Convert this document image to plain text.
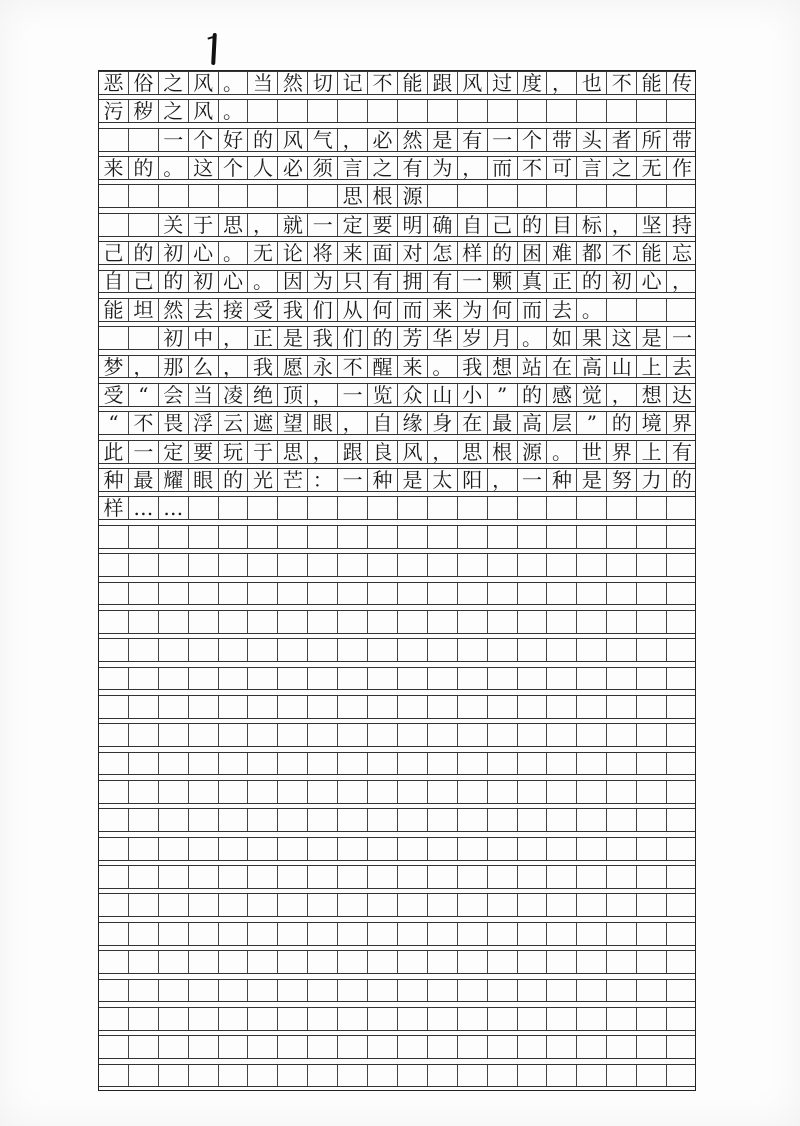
恶 俗 之 风 。 当 然 切 记 不 能 跟 风 过 度 ， 也 不 能 传
污 秽 之 风 。
一 个 好 的 风 气 ， 必 然 是 有 一 个 带 头 者 所 带
来 的 。 这 个 人 必 须 言 之 有 为 ， 而 不 可 言 之 无 作
思 根 源
关 于 思 ， 就 一 定 要 明 确 自 己 的 目 标 ， 坚 持
己 的 初 心 。 无 论 将 来 面 对 怎 样 的 困 难 都 不 能 忘
自 己 的 初 心 。 因 为 只 有 拥 有 一 颗 真 正 的 初 心 ，
能 坦 然 去 接 受 我 们 从 何 而 来 为 何 而 去 。
初 中 ， 正 是 我 们 的 芳 华 岁 月 。 如 果 这 是 一
梦 ， 那 么 ， 我 愿 永 不 醒 来 。 我 想 站 在 高 山 上 去
受 “ 会 当 凌 绝 顶 ， 一 览 众 山 小 ” 的 感 觉 ， 想 达
“ 不 畏 浮 云 遮 望 眼 ， 自 缘 身 在 最 高 层 ” 的 境 界
此 一 定 要 玩 于 思 ， 跟 良 风 ， 思 根 源 。 世 界 上 有
种 最 耀 眼 的 光 芒 ： 一 种 是 太 阳 ， 一 种 是 努 力 的
样 … …
